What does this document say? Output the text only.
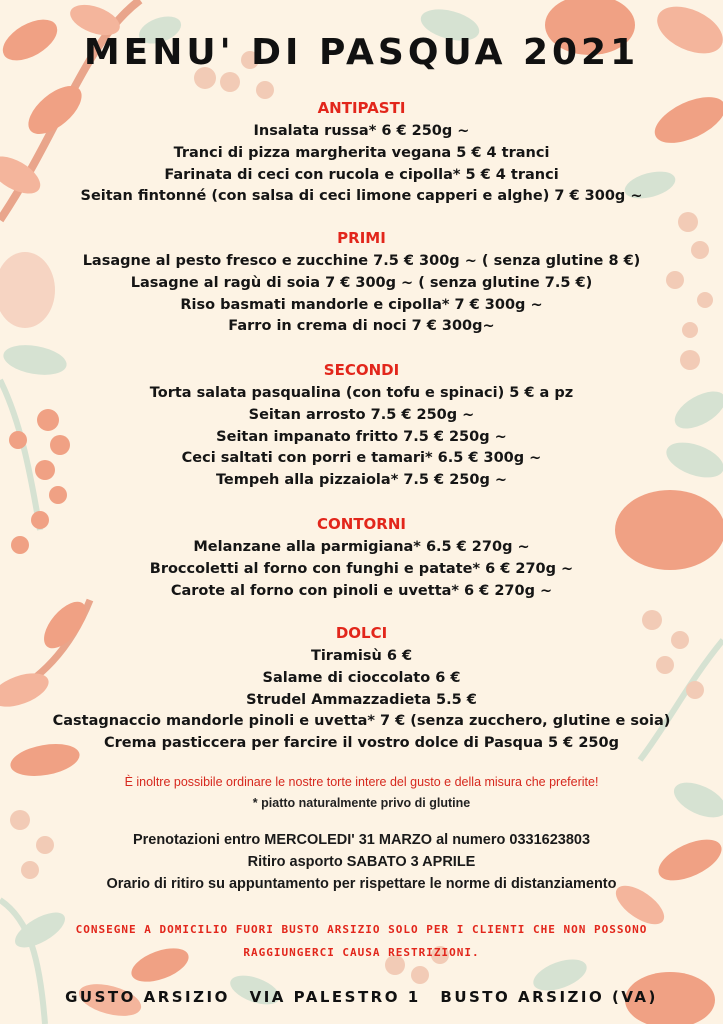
MENU' DI PASQUA 2021
ANTIPASTI
Insalata russa* 6 € 250g ~
Tranci di pizza margherita vegana 5 € 4 tranci
Farinata di ceci con rucola e cipolla* 5 € 4 tranci
Seitan fintonné (con salsa di ceci limone capperi e alghe) 7 € 300g ~
PRIMI
Lasagne al pesto fresco e zucchine 7.5 € 300g ~ ( senza glutine 8 €)
Lasagne al ragù di soia 7 € 300g ~ ( senza glutine 7.5 €)
Riso basmati mandorle e cipolla* 7 € 300g ~
Farro in crema di noci 7 € 300g~
SECONDI
Torta salata pasqualina (con tofu e spinaci) 5 € a pz
Seitan arrosto 7.5 € 250g ~
Seitan impanato fritto 7.5 € 250g ~
Ceci saltati con porri e tamari* 6.5 € 300g ~
Tempeh alla pizzaiola* 7.5 € 250g ~
CONTORNI
Melanzane alla parmigiana* 6.5 € 270g ~
Broccoletti al forno con funghi e patate* 6 € 270g ~
Carote al forno con pinoli e uvetta* 6 € 270g ~
DOLCI
Tiramisù 6 €
Salame di cioccolato 6 €
Strudel Ammazzadieta 5.5 €
Castagnaccio mandorle pinoli e uvetta* 7 € (senza zucchero, glutine e soia)
Crema pasticcera per farcire il vostro dolce di Pasqua 5 € 250g
È inoltre possibile ordinare le nostre torte intere del gusto e della misura che preferite!
* piatto naturalmente privo di glutine
Prenotazioni entro MERCOLEDI' 31 MARZO al numero 0331623803
Ritiro asporto SABATO 3 APRILE
Orario di ritiro su appuntamento per rispettare le norme di distanziamento
CONSEGNE A DOMICILIO FUORI BUSTO ARSIZIO SOLO PER I CLIENTI CHE NON POSSONO
RAGGIUNGERCI CAUSA RESTRIZIONI.
GUSTO ARSIZIO VIA PALESTRO 1 BUSTO ARSIZIO (VA)
